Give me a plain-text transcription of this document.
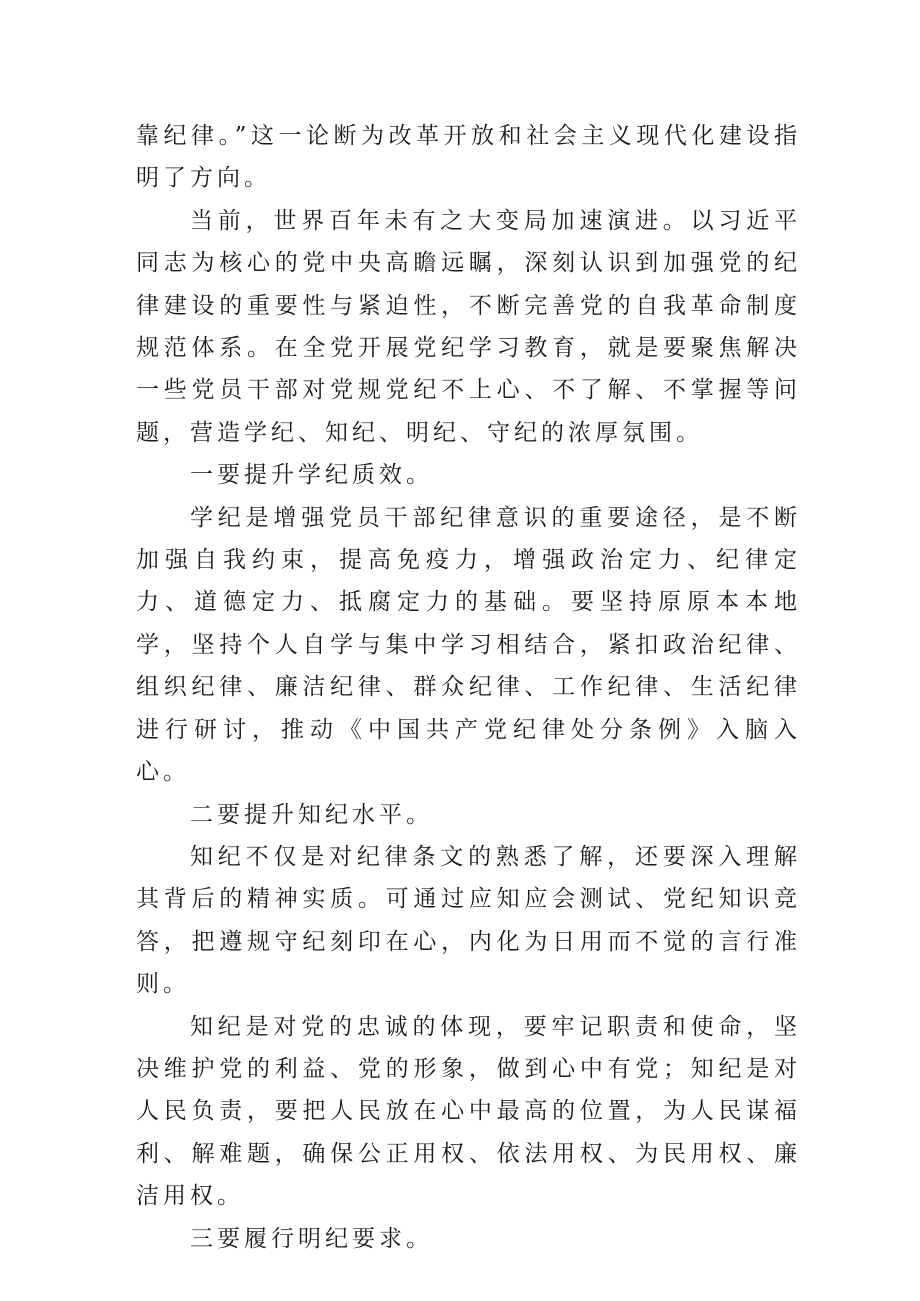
靠纪律。”这一论断为改革开放和社会主义现代化建设指明了方向。

当前，世界百年未有之大变局加速演进。以习近平同志为核心的党中央高瞻远瞩，深刻认识到加强党的纪律建设的重要性与紧迫性，不断完善党的自我革命制度规范体系。在全党开展党纪学习教育，就是要聚焦解决一些党员干部对党规党纪不上心、不了解、不掌握等问题，营造学纪、知纪、明纪、守纪的浓厚氛围。

一要提升学纪质效。

学纪是增强党员干部纪律意识的重要途径，是不断加强自我约束，提高免疫力，增强政治定力、纪律定力、道德定力、抵腐定力的基础。要坚持原原本本地学，坚持个人自学与集中学习相结合，紧扣政治纪律、组织纪律、廉洁纪律、群众纪律、工作纪律、生活纪律进行研讨，推动《中国共产党纪律处分条例》入脑入心。

二要提升知纪水平。

知纪不仅是对纪律条文的熟悉了解，还要深入理解其背后的精神实质。可通过应知应会测试、党纪知识竞答，把遵规守纪刻印在心，内化为日用而不觉的言行准则。

知纪是对党的忠诚的体现，要牢记职责和使命，坚决维护党的利益、党的形象，做到心中有党；知纪是对人民负责，要把人民放在心中最高的位置，为人民谋福利、解难题，确保公正用权、依法用权、为民用权、廉洁用权。

三要履行明纪要求。
